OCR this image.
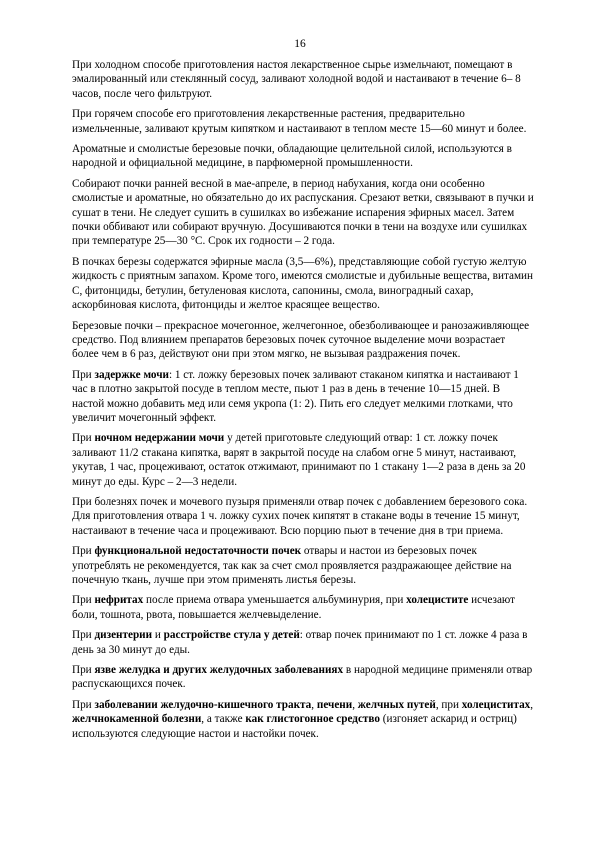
16

При холодном способе приготовления настоя лекарственное сырье измельчают, помещают в эмалированный или стеклянный сосуд, заливают холодной водой и настаивают в течение 6– 8 часов, после чего фильтруют.

При горячем способе его приготовления лекарственные растения, предварительно измельченные, заливают крутым кипятком и настаивают в теплом месте 15—60 минут и более.

Ароматные и смолистые березовые почки, обладающие целительной силой, используются в народной и официальной медицине, в парфюмерной промышленности.

Собирают почки ранней весной в мае-апреле, в период набухания, когда они особенно смолистые и ароматные, но обязательно до их распускания. Срезают ветки, связывают в пучки и сушат в тени. Не следует сушить в сушилках во избежание испарения эфирных масел. Затем почки оббивают или собирают вручную. Досушиваются почки в тени на воздухе или сушилках при температуре 25—30 °С. Срок их годности – 2 года.

В почках березы содержатся эфирные масла (3,5—6%), представляющие собой густую желтую жидкость с приятным запахом. Кроме того, имеются смолистые и дубильные вещества, витамин С, фитонциды, бетулин, бетуленовая кислота, сапонины, смола, виноградный сахар, аскорбиновая кислота, фитонциды и желтое красящее вещество.

Березовые почки – прекрасное мочегонное, желчегонное, обезболивающее и ранозаживляющее средство. Под влиянием препаратов березовых почек суточное выделение мочи возрастает более чем в 6 раз, действуют они при этом мягко, не вызывая раздражения почек.

При задержке мочи: 1 ст. ложку березовых почек заливают стаканом кипятка и настаивают 1 час в плотно закрытой посуде в теплом месте, пьют 1 раз в день в течение 10—15 дней. В настой можно добавить мед или семя укропа (1: 2). Пить его следует мелкими глотками, что увеличит мочегонный эффект.

При ночном недержании мочи у детей приготовьте следующий отвар: 1 ст. ложку почек заливают 11/2 стакана кипятка, варят в закрытой посуде на слабом огне 5 минут, настаивают, укутав, 1 час, процеживают, остаток отжимают, принимают по 1 стакану 1—2 раза в день за 20 минут до еды. Курс – 2—3 недели.

При болезнях почек и мочевого пузыря применяли отвар почек с добавлением березового сока. Для приготовления отвара 1 ч. ложку сухих почек кипятят в стакане воды в течение 15 минут, настаивают в течение часа и процеживают. Всю порцию пьют в течение дня в три приема.

При функциональной недостаточности почек отвары и настои из березовых почек употреблять не рекомендуется, так как за счет смол проявляется раздражающее действие на почечную ткань, лучше при этом применять листья березы.

При нефритах после приема отвара уменьшается альбуминурия, при холецистите исчезают боли, тошнота, рвота, повышается желчевыделение.

При дизентерии и расстройстве стула у детей: отвар почек принимают по 1 ст. ложке 4 раза в день за 30 минут до еды.

При язве желудка и других желудочных заболеваниях в народной медицине применяли отвар распускающихся почек.

При заболевании желудочно-кишечного тракта, печени, желчных путей, при холециститах, желчнокаменной болезни, а также как глистогонное средство (изгоняет аскарид и остриц) используются следующие настои и настойки почек.
